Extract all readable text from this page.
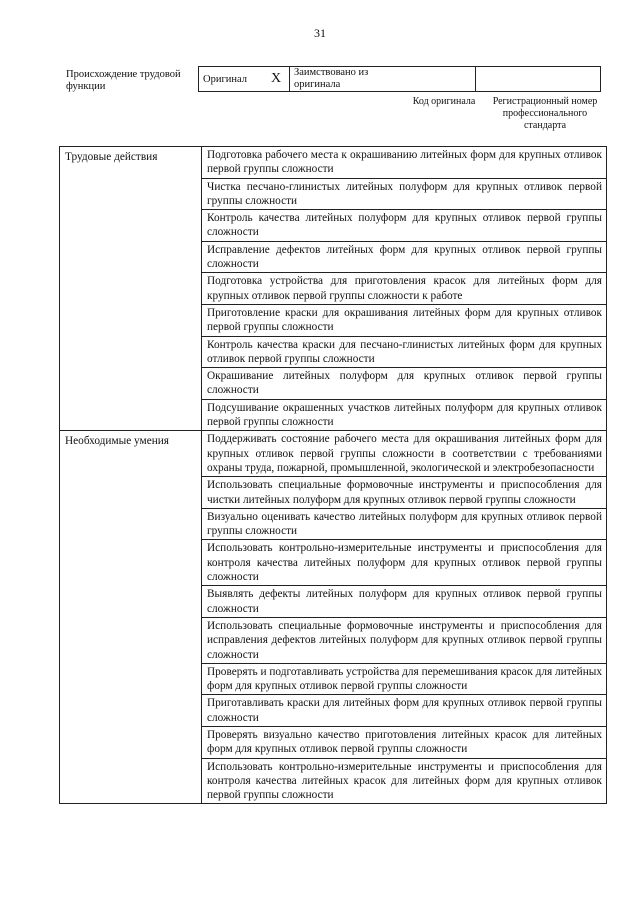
31
Происхождение трудовой функции
Оригинал	X	Заимствовано из оригинала		
Код оригинала	Регистрационный номер профессионального стандарта
Трудовые действия	Подготовка рабочего места к окрашиванию литейных форм для крупных отливок первой группы сложности
	Чистка песчано-глинистых литейных полуформ для крупных отливок первой группы сложности
	Контроль качества литейных полуформ для крупных отливок первой группы сложности
	Исправление дефектов литейных форм для крупных отливок первой группы сложности
	Подготовка устройства для приготовления красок для литейных форм для крупных отливок первой группы сложности к работе
	Приготовление краски для окрашивания литейных форм для крупных отливок первой группы сложности
	Контроль качества краски для песчано-глинистых литейных форм для крупных отливок первой группы сложности
	Окрашивание литейных полуформ для крупных отливок первой группы сложности
	Подсушивание окрашенных участков литейных полуформ для крупных отливок первой группы сложности
Необходимые умения	Поддерживать состояние рабочего места для окрашивания литейных форм для крупных отливок первой группы сложности в соответствии с требованиями охраны труда, пожарной, промышленной, экологической и электробезопасности
	Использовать специальные формовочные инструменты и приспособления для чистки литейных полуформ для крупных отливок первой группы сложности
	Визуально оценивать качество литейных полуформ для крупных отливок первой группы сложности
	Использовать контрольно-измерительные инструменты и приспособления для контроля качества литейных полуформ для крупных отливок первой группы сложности
	Выявлять дефекты литейных полуформ для крупных отливок первой группы сложности
	Использовать специальные формовочные инструменты и приспособления для исправления дефектов литейных полуформ для крупных отливок первой группы сложности
	Проверять и подготавливать устройства для перемешивания красок для литейных форм для крупных отливок первой группы сложности
	Приготавливать краски для литейных форм для крупных отливок первой группы сложности
	Проверять визуально качество приготовления литейных красок для литейных форм для крупных отливок первой группы сложности
	Использовать контрольно-измерительные инструменты и приспособления для контроля качества литейных красок для литейных форм для крупных отливок первой группы сложности
